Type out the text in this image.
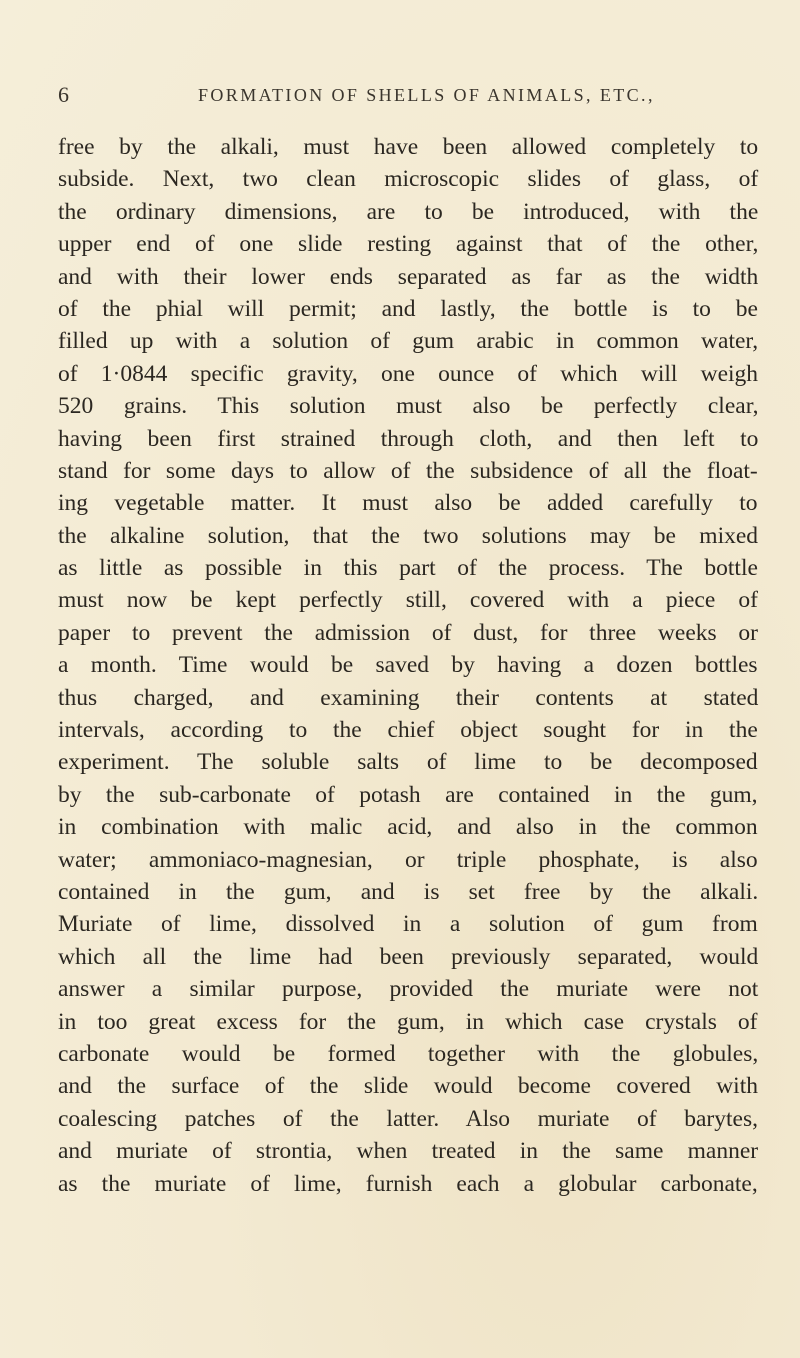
6	FORMATION OF SHELLS OF ANIMALS, ETC.,
free by the alkali, must have been allowed completely to
subside. Next, two clean microscopic slides of glass, of
the ordinary dimensions, are to be introduced, with the
upper end of one slide resting against that of the other,
and with their lower ends separated as far as the width
of the phial will permit; and lastly, the bottle is to be
filled up with a solution of gum arabic in common water,
of 1·0844 specific gravity, one ounce of which will weigh
520 grains. This solution must also be perfectly clear,
having been first strained through cloth, and then left to
stand for some days to allow of the subsidence of all the float-
ing vegetable matter. It must also be added carefully to
the alkaline solution, that the two solutions may be mixed
as little as possible in this part of the process. The bottle
must now be kept perfectly still, covered with a piece of
paper to prevent the admission of dust, for three weeks or
a month. Time would be saved by having a dozen bottles
thus charged, and examining their contents at stated
intervals, according to the chief object sought for in the
experiment. The soluble salts of lime to be decomposed
by the sub-carbonate of potash are contained in the gum,
in combination with malic acid, and also in the common
water; ammoniaco-magnesian, or triple phosphate, is also
contained in the gum, and is set free by the alkali.
Muriate of lime, dissolved in a solution of gum from
which all the lime had been previously separated, would
answer a similar purpose, provided the muriate were not
in too great excess for the gum, in which case crystals of
carbonate would be formed together with the globules,
and the surface of the slide would become covered with
coalescing patches of the latter. Also muriate of barytes,
and muriate of strontia, when treated in the same manner
as the muriate of lime, furnish each a globular carbonate,
